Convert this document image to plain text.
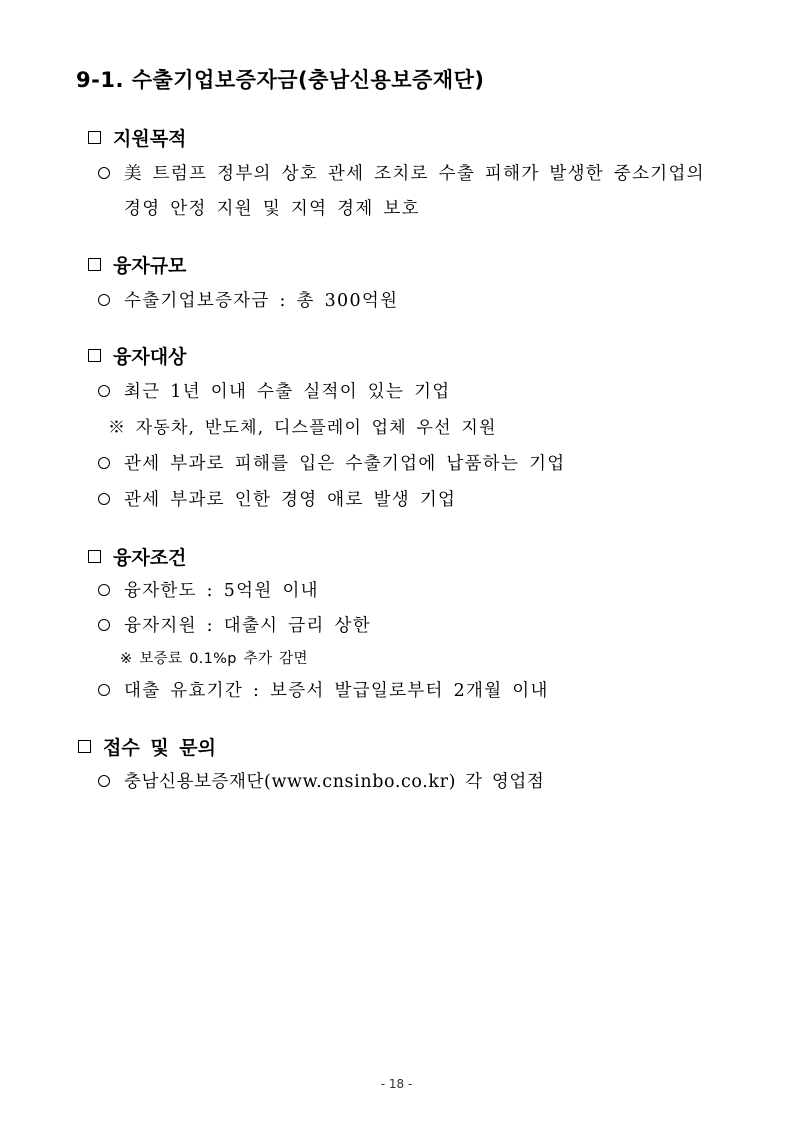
9-1. 수출기업보증자금(충남신용보증재단)
지원목적
美 트럼프 정부의 상호 관세 조치로 수출 피해가 발생한 중소기업의
경영 안정 지원 및 지역 경제 보호
융자규모
수출기업보증자금 : 총 300억원
융자대상
최근 1년 이내 수출 실적이 있는 기업
※ 자동차, 반도체, 디스플레이 업체 우선 지원
관세 부과로 피해를 입은 수출기업에 납품하는 기업
관세 부과로 인한 경영 애로 발생 기업
융자조건
융자한도 : 5억원 이내
융자지원 : 대출시 금리 상한
※ 보증료 0.1%p 추가 감면
대출 유효기간 : 보증서 발급일로부터 2개월 이내
접수 및 문의
충남신용보증재단(www.cnsinbo.co.kr) 각 영업점
- 18 -
